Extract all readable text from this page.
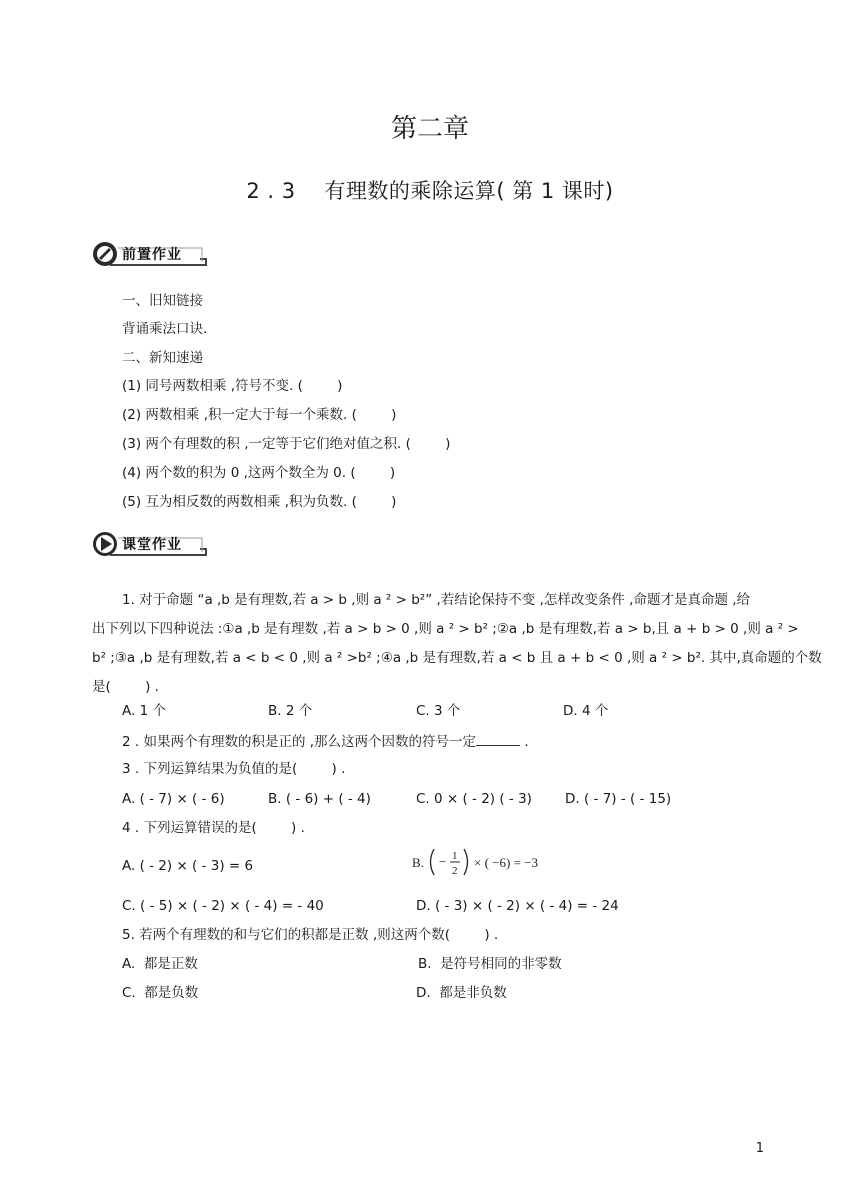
第二章
2 . 3    有理数的乘除运算( 第 1 课时)
前置作业
一、旧知链接
背诵乘法口诀.
二、新知速递
(1) 同号两数相乘 ,符号不变. (        )
(2) 两数相乘 ,积一定大于每一个乘数. (        )
(3) 两个有理数的积 ,一定等于它们绝对值之积. (        )
(4) 两个数的积为 0 ,这两个数全为 0. (        )
(5) 互为相反数的两数相乘 ,积为负数. (        )
课堂作业
1. 对于命题 “a ,b 是有理数,若 a > b ,则 a ² > b²” ,若结论保持不变 ,怎样改变条件 ,命题才是真命题 ,给
出下列以下四种说法 :①a ,b 是有理数 ,若 a > b > 0 ,则 a ² > b² ;②a ,b 是有理数,若 a > b,且 a + b > 0 ,则 a ² >
b² ;③a ,b 是有理数,若 a < b < 0 ,则 a ² >b² ;④a ,b 是有理数,若 a < b 且 a + b < 0 ,则 a ² > b². 其中,真命题的个数
是(        ) .
A. 1 个	B. 2 个	C. 3 个	D. 4 个
2 . 如果两个有理数的积是正的 ,那么这两个因数的符号一定	.
3 . 下列运算结果为负值的是(        ) .
A. ( - 7) × ( - 6)	B. ( - 6) + ( - 4)	C. 0 × ( - 2) ( - 3) D. ( - 7) - ( - 15)
4 . 下列运算错误的是(        ) .
A. ( - 2) × ( - 3) = 6	B. − 1
2
× ( −6) = −3
C. ( - 5) × ( - 2) × ( - 4) = - 40	D. ( - 3) × ( - 2) × ( - 4) = - 24
5. 若两个有理数的和与它们的积都是正数 ,则这两个数(        ) .
A.  都是正数	B.  是符号相同的非零数
C.  都是负数	D.  都是非负数
1
